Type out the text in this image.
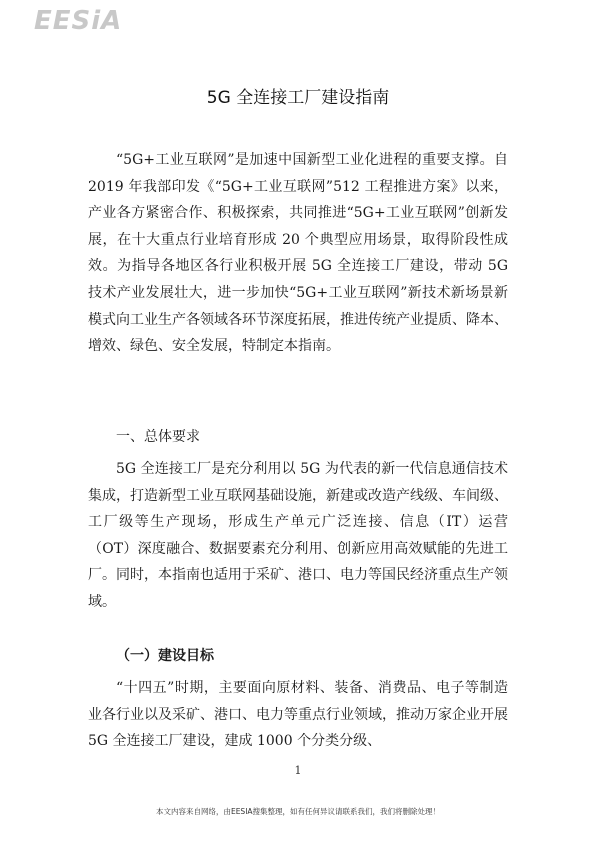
EESiA
5G 全连接工厂建设指南

“5G+工业互联网”是加速中国新型工业化进程的重要支撑。自 2019 年我部印发《“5G+工业互联网”512 工程推进方案》以来，产业各方紧密合作、积极探索，共同推进“5G+工业互联网”创新发展，在十大重点行业培育形成 20 个典型应用场景，取得阶段性成效。为指导各地区各行业积极开展 5G 全连接工厂建设，带动 5G 技术产业发展壮大，进一步加快“5G+工业互联网”新技术新场景新模式向工业生产各领域各环节深度拓展，推进传统产业提质、降本、增效、绿色、安全发展，特制定本指南。

一、总体要求

5G 全连接工厂是充分利用以 5G 为代表的新一代信息通信技术集成，打造新型工业互联网基础设施，新建或改造产线级、车间级、工厂级等生产现场，形成生产单元广泛连接、信息（IT）运营（OT）深度融合、数据要素充分利用、创新应用高效赋能的先进工厂。同时，本指南也适用于采矿、港口、电力等国民经济重点生产领域。

（一）建设目标

“十四五”时期，主要面向原材料、装备、消费品、电子等制造业各行业以及采矿、港口、电力等重点行业领域，推动万家企业开展 5G 全连接工厂建设，建成 1000 个分类分级、

1
本文内容来自网络，由EESIA搜集整理，如有任何异议请联系我们，我们将删除处理！
